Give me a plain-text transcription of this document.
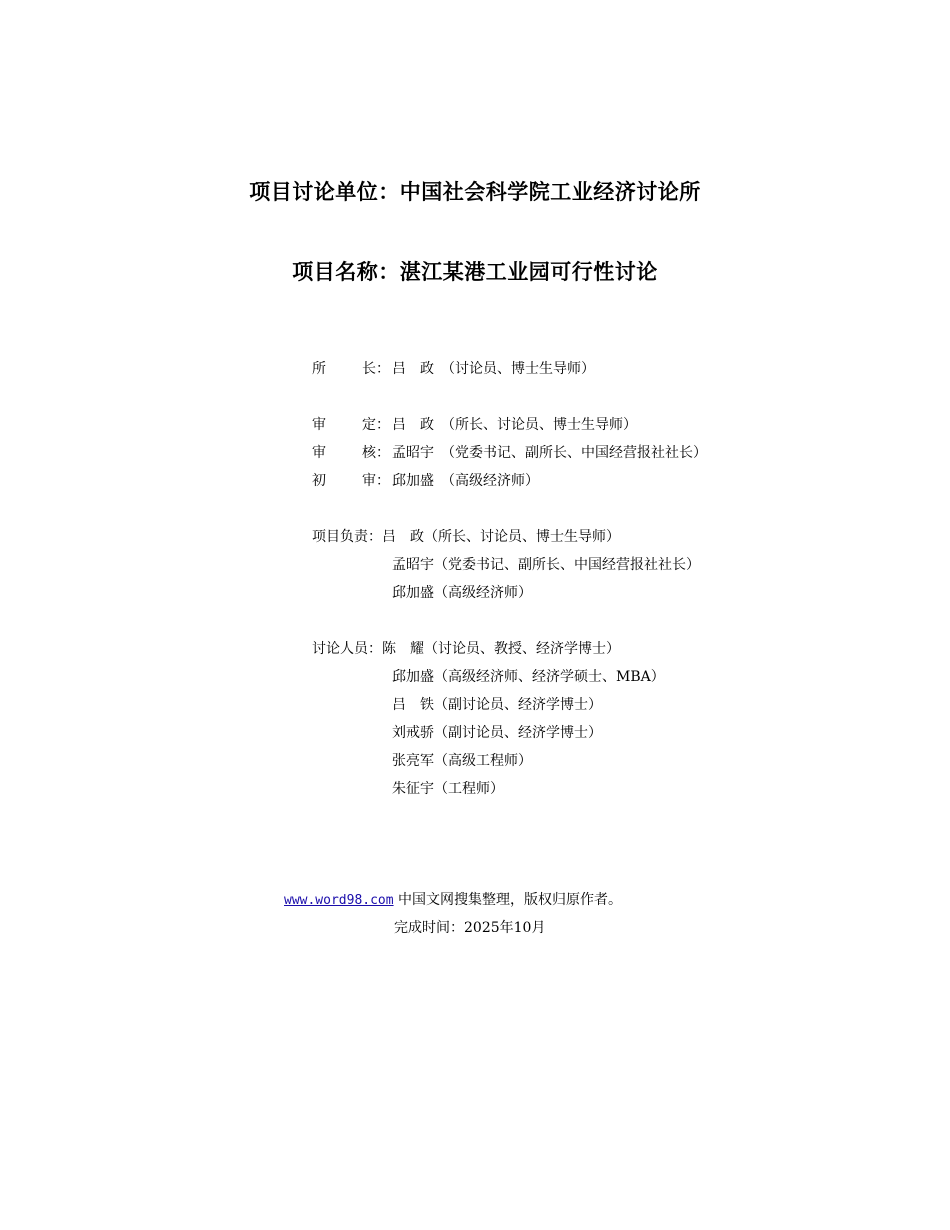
项目讨论单位：中国社会科学院工业经济讨论所
项目名称：湛江某港工业园可行性讨论
所长： 吕　政　（讨论员、博士生导师）
审定： 吕　政　（所长、讨论员、博士生导师）
审核： 孟昭宇　（党委书记、副所长、中国经营报社社长）
初审： 邱加盛　（高级经济师）
项目负责：吕　政（所长、讨论员、博士生导师）
孟昭宇（党委书记、副所长、中国经营报社社长）
邱加盛（高级经济师）
讨论人员：陈　耀（讨论员、教授、经济学博士）
邱加盛（高级经济师、经济学硕士、MBA）
吕　铁（副讨论员、经济学博士）
刘戒骄（副讨论员、经济学博士）
张亮军（高级工程师）
朱征宇（工程师）
www.word98.com 中国文网搜集整理，版权归原作者。
完成时间：2025年10月
